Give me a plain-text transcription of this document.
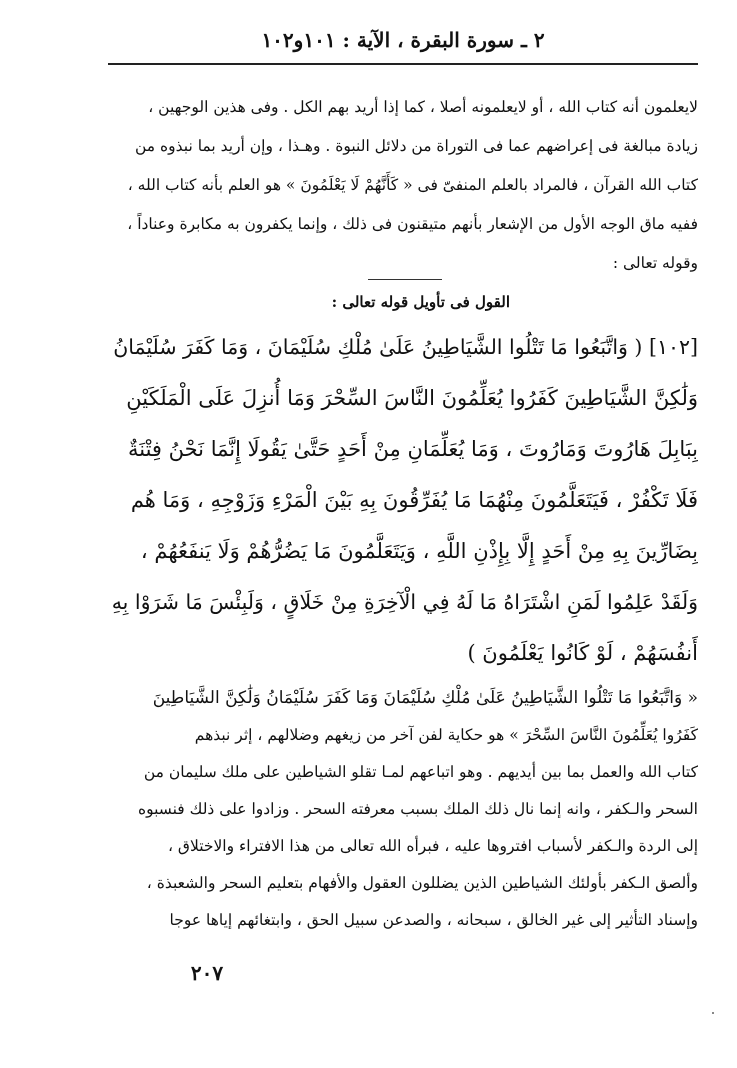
٢ ـ سورة البقرة ، الآية : ١٠١و١٠٢
لايعلمون أنه كتاب الله ، أو لايعلمونه أصلا ، كما إذا أريد بهم الكل . وفى هذين الوجهين ،
زيادة مبالغة فى إعراضهم عما فى التوراة من دلائل النبوة . وهـذا ، وإن أريد بما نبذوه من
كتاب الله القرآن ، فالمراد بالعلم المنفىّ فى « كَأَنَّهُمْ لَا يَعْلَمُونَ » هو العلم بأنه كتاب الله ،
ففيه ماق الوجه الأول من الإشعار بأنهم متيقنون فى ذلك ، وإنما يكفرون به مكابرة وعناداً ،
وقوله تعالى :
القول فى تأويل قوله تعالى :
[١٠٢] ( وَاتَّبَعُوا مَا تَتْلُوا الشَّيَاطِينُ عَلَىٰ مُلْكِ سُلَيْمَانَ ، وَمَا كَفَرَ سُلَيْمَانُ
وَلَٰكِنَّ الشَّيَاطِينَ كَفَرُوا يُعَلِّمُونَ النَّاسَ السِّحْرَ وَمَا أُنزِلَ عَلَى الْمَلَكَيْنِ
بِبَابِلَ هَارُوتَ وَمَارُوتَ ، وَمَا يُعَلِّمَانِ مِنْ أَحَدٍ حَتَّىٰ يَقُولَا إِنَّمَا نَحْنُ فِتْنَةٌ
فَلَا تَكْفُرْ ، فَيَتَعَلَّمُونَ مِنْهُمَا مَا يُفَرِّقُونَ بِهِ بَيْنَ الْمَرْءِ وَزَوْجِهِ ، وَمَا هُم
بِضَارِّينَ بِهِ مِنْ أَحَدٍ إِلَّا بِإِذْنِ اللَّهِ ، وَيَتَعَلَّمُونَ مَا يَضُرُّهُمْ وَلَا يَنفَعُهُمْ ،
وَلَقَدْ عَلِمُوا لَمَنِ اشْتَرَاهُ مَا لَهُ فِي الْآخِرَةِ مِنْ خَلَاقٍ ، وَلَبِئْسَ مَا شَرَوْا بِهِ
أَنفُسَهُمْ ، لَوْ كَانُوا يَعْلَمُونَ )
« وَاتَّبَعُوا مَا تَتْلُوا الشَّيَاطِينُ عَلَىٰ مُلْكِ سُلَيْمَانَ وَمَا كَفَرَ سُلَيْمَانُ وَلَٰكِنَّ الشَّيَاطِينَ
كَفَرُوا يُعَلِّمُونَ النَّاسَ السِّحْرَ » هو حكاية لفن آخر من زيغهم وضلالهم ، إثر نبذهم
كتاب الله والعمل بما بين أيديهم . وهو اتباعهم لمـا تقلو الشياطين على ملك سليمان من
السحر والـكفر ، وانه إنما نال ذلك الملك بسبب معرفته السحر . وزادوا على ذلك فنسبوه
إلى الردة والـكفر لأسباب افتروها عليه ، فبرأه الله تعالى من هذا الافتراء والاختلاق ،
وألصق الـكفر بأولئك الشياطين الذين يضللون العقول والأفهام بتعليم السحر والشعبذة ،
وإسناد التأثير إلى غير الخالق ، سبحانه ، والصدعن سبيل الحق ، وابتغائهم إياها عوجا
٢٠٧
